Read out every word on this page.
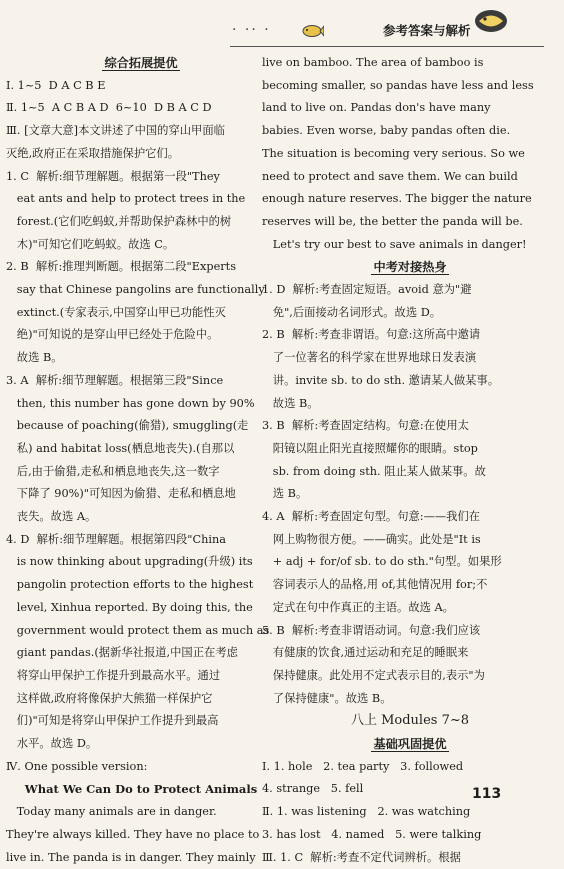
· ·· ·	参考答案与解析

综合拓展提优

Ⅰ. 1~5  D A C B E

Ⅱ. 1~5  A C B A D  6~10  D B A C D

Ⅲ. [文章大意]本文讲述了中国的穿山甲面临

灭绝,政府正在采取措施保护它们。

1. C  解析:细节理解题。根据第一段"They

eat ants and help to protect trees in the

forest.(它们吃蚂蚁,并帮助保护森林中的树

木)"可知它们吃蚂蚁。故选 C。

2. B  解析:推理判断题。根据第二段"Experts

say that Chinese pangolins are functionally

extinct.(专家表示,中国穿山甲已功能性灭

绝)"可知说的是穿山甲已经处于危险中。

故选 B。

3. A  解析:细节理解题。根据第三段"Since

then, this number has gone down by 90%

because of poaching(偷猎), smuggling(走

私) and habitat loss(栖息地丧失).(自那以

后,由于偷猎,走私和栖息地丧失,这一数字

下降了 90%)"可知因为偷猎、走私和栖息地

丧失。故选 A。

4. D  解析:细节理解题。根据第四段"China

is now thinking about upgrading(升级) its

pangolin protection efforts to the highest

level, Xinhua reported. By doing this, the

government would protect them as much as

giant pandas.(据新华社报道,中国正在考虑

将穿山甲保护工作提升到最高水平。通过

这样做,政府将像保护大熊猫一样保护它

们)"可知是将穿山甲保护工作提升到最高

水平。故选 D。

Ⅳ. One possible version:

What We Can Do to Protect Animals

Today many animals are in danger.

They're always killed. They have no place to

live in. The panda is in danger. They mainly

live on bamboo. The area of bamboo is

becoming smaller, so pandas have less and less

land to live on. Pandas don's have many

babies. Even worse, baby pandas often die.

The situation is becoming very serious. So we

need to protect and save them. We can build

enough nature reserves. The bigger the nature

reserves will be, the better the panda will be.

Let's try our best to save animals in danger!

中考对接热身

1. D  解析:考查固定短语。avoid 意为"避

免",后面接动名词形式。故选 D。

2. B  解析:考查非谓语。句意:这所高中邀请

了一位著名的科学家在世界地球日发表演

讲。invite sb. to do sth. 邀请某人做某事。

故选 B。

3. B  解析:考查固定结构。句意:在使用太

阳镜以阻止阳光直接照耀你的眼睛。stop

sb. from doing sth. 阻止某人做某事。故

选 B。

4. A  解析:考查固定句型。句意:——我们在

网上购物很方便。——确实。此处是"It is

+ adj + for/of sb. to do sth."句型。如果形

容词表示人的品格,用 of,其他情况用 for;不

定式在句中作真正的主语。故选 A。

5. B  解析:考查非谓语动词。句意:我们应该

有健康的饮食,通过运动和充足的睡眠来

保持健康。此处用不定式表示目的,表示"为

了保持健康"。故选 B。

八上 Modules 7~8

基础巩固提优

Ⅰ. 1. hole   2. tea party   3. followed

4. strange   5. fell

Ⅱ. 1. was listening   2. was watching

3. has lost   4. named   5. were talking

Ⅲ. 1. C  解析:考查不定代词辨析。根据

113
